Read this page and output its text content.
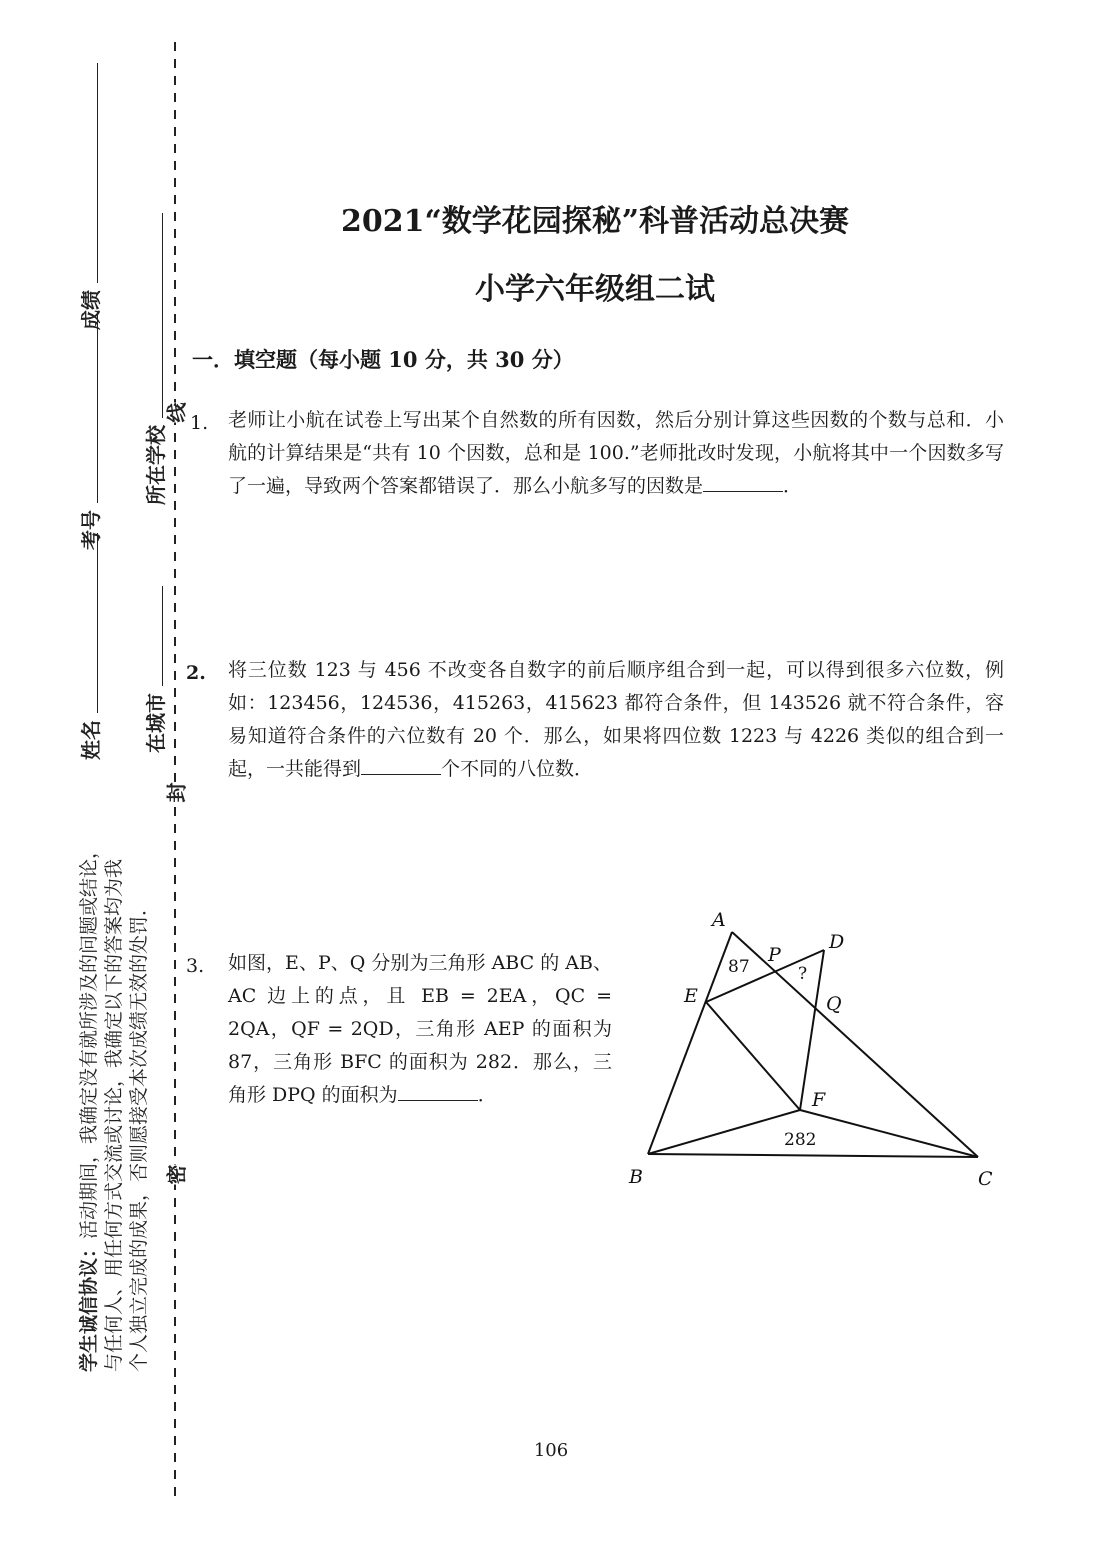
线
封
密
成绩
考号
姓名
所在学校
在城市
学生诚信协议：活动期间，我确定没有就所涉及的问题或结论， 与任何人、用任何方式交流或讨论，我确定以下的答案均为我 个人独立完成的成果，否则愿接受本次成绩无效的处罚．
2021“数学花园探秘”科普活动总决赛
小学六年级组二试
一．填空题（每小题 10 分，共 30 分）
1. 老师让小航在试卷上写出某个自然数的所有因数，然后分别计算这些因数的个数与总和．小航的计算结果是“共有 10 个因数，总和是 100.”老师批改时发现，小航将其中一个因数多写了一遍，导致两个答案都错误了．那么小航多写的因数是	．
2. 将三位数 123 与 456 不改变各自数字的前后顺序组合到一起，可以得到很多六位数，例如：123456，124536，415263，415623 都符合条件，但 143526 就不符合条件，容易知道符合条件的六位数有 20 个．那么，如果将四位数 1223 与 4226 类似的组合到一起，一共能得到	个不同的八位数．
3. 如图，E、P、Q 分别为三角形 ABC 的 AB、AC 边上的点，且 EB = 2EA，QC = 2QA，QF = 2QD，三角形 AEP 的面积为 87，三角形 BFC 的面积为 282．那么，三角形 DPQ 的面积为	．
A
D
P
E	Q
F
B	C
87
282
?
106
